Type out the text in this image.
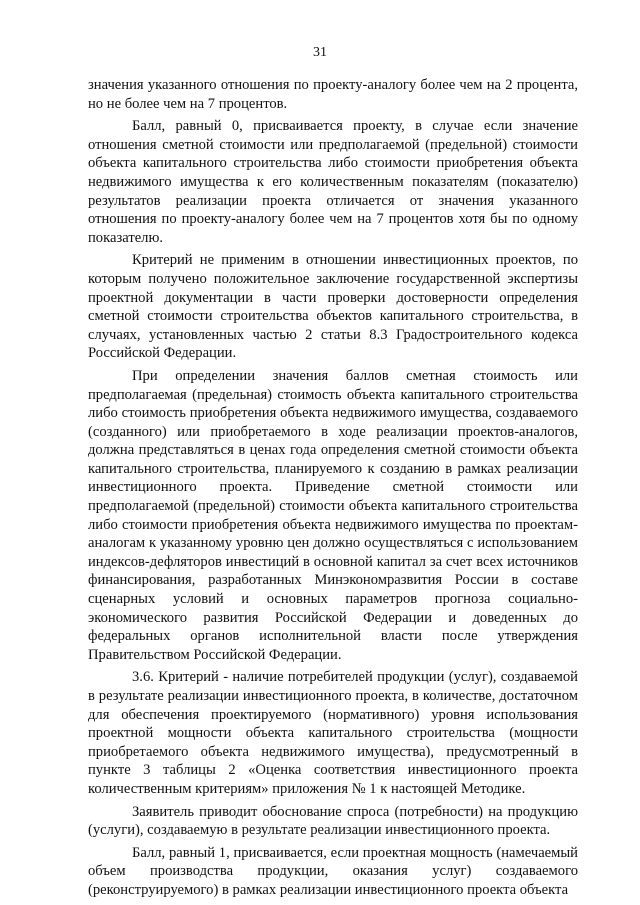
31

значения указанного отношения по проекту-аналогу более чем на 2 процента, но не более чем на 7 процентов.

Балл, равный 0, присваивается проекту, в случае если значение отношения сметной стоимости или предполагаемой (предельной) стоимости объекта капитального строительства либо стоимости приобретения объекта недвижимого имущества к его количественным показателям (показателю) результатов реализации проекта отличается от значения указанного отношения по проекту-аналогу более чем на 7 процентов хотя бы по одному показателю.

Критерий не применим в отношении инвестиционных проектов, по которым получено положительное заключение государственной экспертизы проектной документации в части проверки достоверности определения сметной стоимости строительства объектов капитального строительства, в случаях, установленных частью 2 статьи 8.3 Градостроительного кодекса Российской Федерации.

При определении значения баллов сметная стоимость или предполагаемая (предельная) стоимость объекта капитального строительства либо стоимость приобретения объекта недвижимого имущества, создаваемого (созданного) или приобретаемого в ходе реализации проектов-аналогов, должна представляться в ценах года определения сметной стоимости объекта капитального строительства, планируемого к созданию в рамках реализации инвестиционного проекта. Приведение сметной стоимости или предполагаемой (предельной) стоимости объекта капитального строительства либо стоимости приобретения объекта недвижимого имущества по проектам-аналогам к указанному уровню цен должно осуществляться с использованием индексов-дефляторов инвестиций в основной капитал за счет всех источников финансирования, разработанных Минэкономразвития России в составе сценарных условий и основных параметров прогноза социально-экономического развития Российской Федерации и доведенных до федеральных органов исполнительной власти после утверждения Правительством Российской Федерации.

3.6. Критерий - наличие потребителей продукции (услуг), создаваемой в результате реализации инвестиционного проекта, в количестве, достаточном для обеспечения проектируемого (нормативного) уровня использования проектной мощности объекта капитального строительства (мощности приобретаемого объекта недвижимого имущества), предусмотренный в пункте 3 таблицы 2 «Оценка соответствия инвестиционного проекта количественным критериям» приложения № 1 к настоящей Методике.

Заявитель приводит обоснование спроса (потребности) на продукцию (услуги), создаваемую в результате реализации инвестиционного проекта.

Балл, равный 1, присваивается, если проектная мощность (намечаемый объем производства продукции, оказания услуг) создаваемого (реконструируемого) в рамках реализации инвестиционного проекта объекта
